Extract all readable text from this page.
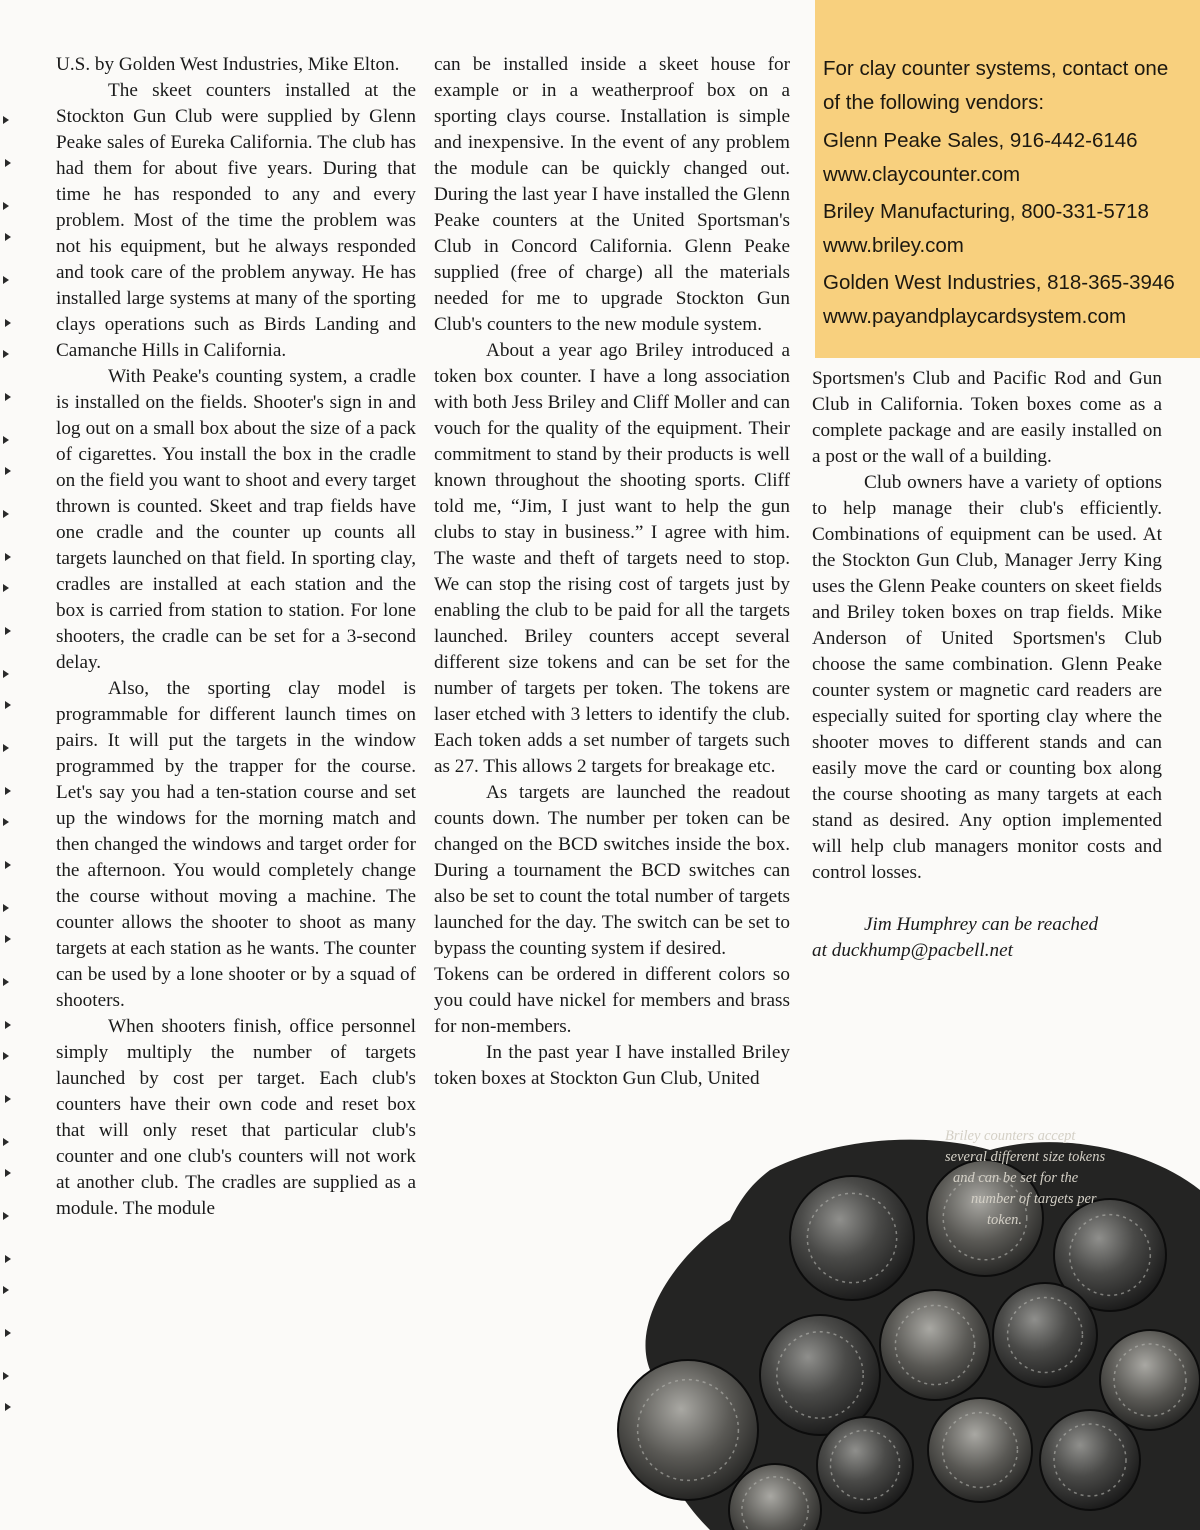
U.S. by Golden West Industries, Mike Elton.

The skeet counters installed at the Stockton Gun Club were supplied by Glenn Peake sales of Eureka California. The club has had them for about five years. During that time he has responded to any and every problem. Most of the time the problem was not his equipment, but he always responded and took care of the problem anyway. He has installed large systems at many of the sporting clays operations such as Birds Landing and Camanche Hills in California.

With Peake's counting system, a cradle is installed on the fields. Shooter's sign in and log out on a small box about the size of a pack of cigarettes. You install the box in the cradle on the field you want to shoot and every target thrown is counted. Skeet and trap fields have one cradle and the counter up counts all targets launched on that field. In sporting clay, cradles are installed at each station and the box is carried from station to station. For lone shooters, the cradle can be set for a 3-second delay.

Also, the sporting clay model is programmable for different launch times on pairs. It will put the targets in the window programmed by the trapper for the course. Let's say you had a ten-station course and set up the windows for the morning match and then changed the windows and target order for the afternoon. You would completely change the course without moving a machine. The counter allows the shooter to shoot as many targets at each station as he wants. The counter can be used by a lone shooter or by a squad of shooters.

When shooters finish, office personnel simply multiply the number of targets launched by cost per target. Each club's counters have their own code and reset box that will only reset that particular club's counter and one club's counters will not work at another club. The cradles are supplied as a module. The module

can be installed inside a skeet house for example or in a weatherproof box on a sporting clays course. Installation is simple and inexpensive. In the event of any problem the module can be quickly changed out. During the last year I have installed the Glenn Peake counters at the United Sportsman's Club in Concord California. Glenn Peake supplied (free of charge) all the materials needed for me to upgrade Stockton Gun Club's counters to the new module system.

About a year ago Briley introduced a token box counter. I have a long association with both Jess Briley and Cliff Moller and can vouch for the quality of the equipment. Their commitment to stand by their products is well known throughout the shooting sports. Cliff told me, “Jim, I just want to help the gun clubs to stay in business.” I agree with him. The waste and theft of targets need to stop. We can stop the rising cost of targets just by enabling the club to be paid for all the targets launched. Briley counters accept several different size tokens and can be set for the number of targets per token. The tokens are laser etched with 3 letters to identify the club. Each token adds a set number of targets such as 27. This allows 2 targets for breakage etc.

As targets are launched the readout counts down. The number per token can be changed on the BCD switches inside the box. During a tournament the BCD switches can also be set to count the total number of targets launched for the day. The switch can be set to bypass the counting system if desired.

Tokens can be ordered in different colors so you could have nickel for members and brass for non-members.

In the past year I have installed Briley token boxes at Stockton Gun Club, United

For clay counter systems, contact one
of the following vendors:
Glenn Peake Sales, 916-442-6146
www.claycounter.com
Briley Manufacturing, 800-331-5718
www.briley.com
Golden West Industries, 818-365-3946
www.payandplaycardsystem.com

Sportsmen's Club and Pacific Rod and Gun Club in California. Token boxes come as a complete package and are easily installed on a post or the wall of a building.

Club owners have a variety of options to help manage their club's efficiently. Combinations of equipment can be used. At the Stockton Gun Club, Manager Jerry King uses the Glenn Peake counters on skeet fields and Briley token boxes on trap fields. Mike Anderson of United Sportsmen's Club choose the same combination. Glenn Peake counter system or magnetic card readers are especially suited for sporting clay where the shooter moves to different stands and can easily move the card or counting box along the course shooting as many targets at each stand as desired. Any option implemented will help club managers monitor costs and control losses.

Jim Humphrey can be reached

at duckhump@pacbell.net

Briley counters accept
several different size tokens
and can be set for the
number of targets per
token.
